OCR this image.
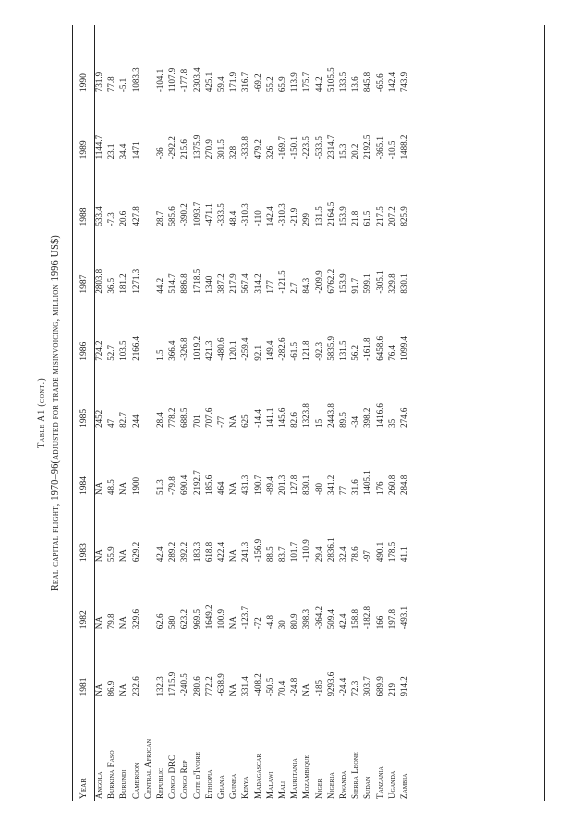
Table A1 (cont.) Real capital flight, 1970–96(adjusted for trade misinvoicing, million 1996 US$)
Year	1981	1982	1983	1984	1985	1986	1987	1988	1989	1990
Angola	NA	NA	NA	NA	2452	724.2	2803.8	533.4	1144.7	731.9
Burkina Faso	86.9	79.8	55.9	48.5	47	52.7	36.5	-7.3	23.1	77.8
Burundi	NA	NA	NA	NA	82.7	103.5	181.2	20.6	34.4	-5.1
Cameroon	232.6	329.6	629.2	1900	244	2166.4	1271.3	427.8	1471	1083.3
Central African										
Republic	132.3	62.6	42.4	51.3	28.4	1.5	44.2	28.7	-36	-104.1
Congo DRC	1715.9	580	289.2	-79.8	778.2	366.4	514.7	585.6	-292.2	1107.9
Congo Rep	-240.5	623.2	392.2	690.4	688.5	-326.8	886.8	-390.2	215.6	-177.8
Cote d'Ivoire	280.6	969.5	183.3	2192.7	701	1019.2	1718.5	1093.7	1375.9	2303.4
Ethiopia	772.2	1649.2	618.8	185.6	707.6	421.3	1340	-471.1	270.9	425.1
Ghana	-638.9	100.9	422.4	464	-77	-480.6	387.2	-333.5	301.5	59.4
Guinea	NA	NA	NA	NA	NA	120.1	217.9	48.4	328	171.9
Kenya	331.4	-123.7	241.3	431.3	625	-259.4	567.4	-310.3	-333.8	316.7
Madagascar	-408.2	-72	-156.9	190.7	-14.4	92.1	314.2	-110	479.2	-69.2
Malawi	-50.5	-4.8	88.5	-89.4	141.1	149.4	177	142.4	326	55.2
Mali	70.4	30	83.7	201.3	145.6	-282.6	-121.5	-310.3	-169.7	65.9
Mauritania	-24.8	80.9	101.7	127.8	82.6	-61.5	2.7	-21.9	-150.1	113.9
Mozambique	NA	398.3	-110.9	830.1	1323.8	121.8	84.3	299	-223.5	175.7
Niger	-185	-364.2	29.4	-80	15	-92.3	-209.9	131.5	-533.5	44.2
Nigeria	9293.6	509.4	2836.1	341.2	2443.8	5835.9	6762.2	2164.5	2314.7	5105.5
Rwanda	-24.4	42.4	32.4	77	89.5	131.5	153.9	153.9	15.3	133.5
Sierra Leone	72.3	158.8	78.6	31.6	-34	56.2	91.7	21.8	20.2	13.6
Sudan	303.7	-182.8	-97	1405.1	398.2	-161.8	599.1	61.5	2192.5	845.8
Tanzania	689.9	166	490.1	176	1416.6	6458.6	-305.1	217.5	-365.1	-65.6
Uganda	219	197.8	178.5	260.8	35	76.4	329.8	207.2	-10.5	142.4
Zambia	914.2	-493.1	41.1	284.8	274.6	1099.4	830.1	825.9	1488.2	743.9
